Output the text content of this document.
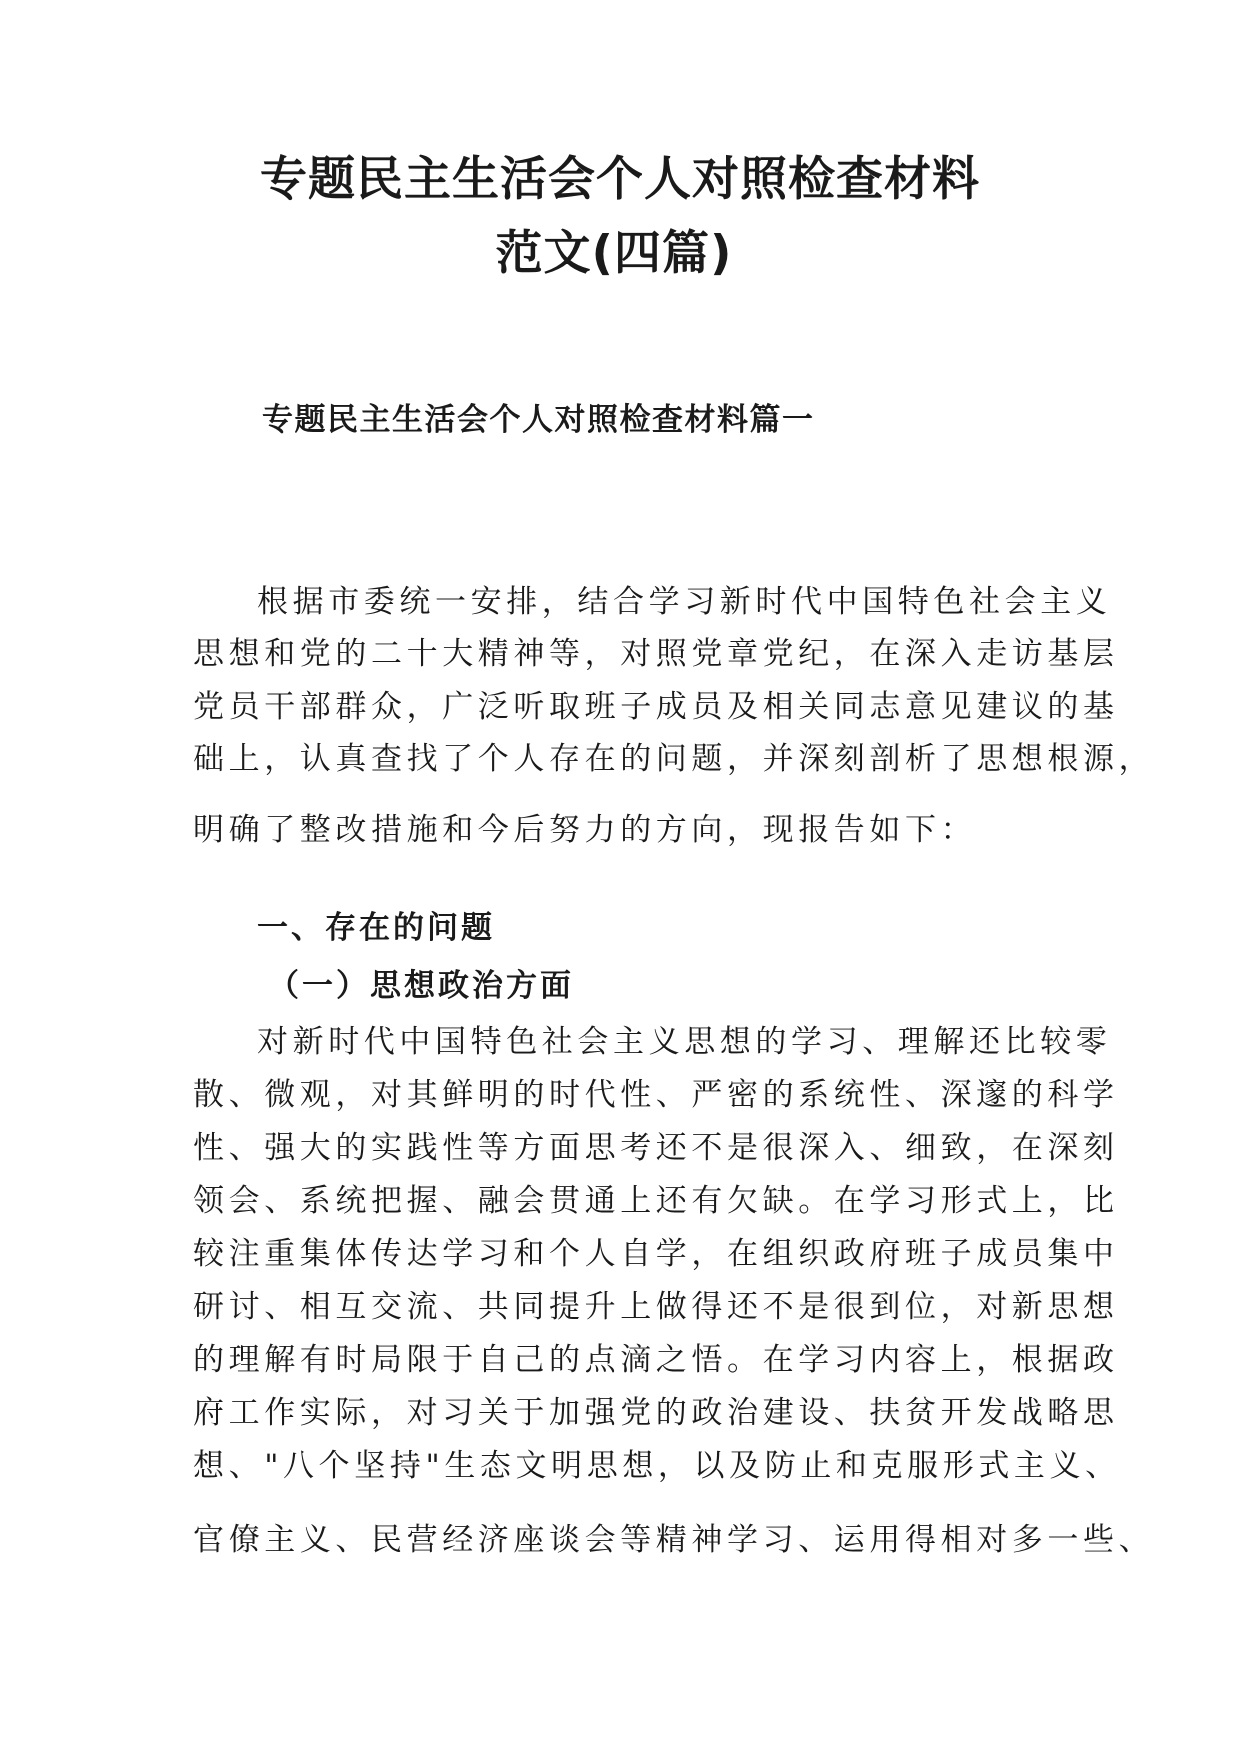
专题民主生活会个人对照检查材料
范文(四篇)
专题民主生活会个人对照检查材料篇一

根据市委统一安排，结合学习新时代中国特色社会主义

思想和党的二十大精神等，对照党章党纪，在深入走访基层

党员干部群众，广泛听取班子成员及相关同志意见建议的基

础上，认真查找了个人存在的问题，并深刻剖析了思想根源，

明确了整改措施和今后努力的方向，现报告如下：

一、存在的问题
（一）思想政治方面

对新时代中国特色社会主义思想的学习、理解还比较零

散、微观，对其鲜明的时代性、严密的系统性、深邃的科学

性、强大的实践性等方面思考还不是很深入、细致，在深刻

领会、系统把握、融会贯通上还有欠缺。在学习形式上，比

较注重集体传达学习和个人自学，在组织政府班子成员集中

研讨、相互交流、共同提升上做得还不是很到位，对新思想

的理解有时局限于自己的点滴之悟。在学习内容上，根据政

府工作实际，对习关于加强党的政治建设、扶贫开发战略思

想、"八个坚持"生态文明思想，以及防止和克服形式主义、

官僚主义、民营经济座谈会等精神学习、运用得相对多一些、
